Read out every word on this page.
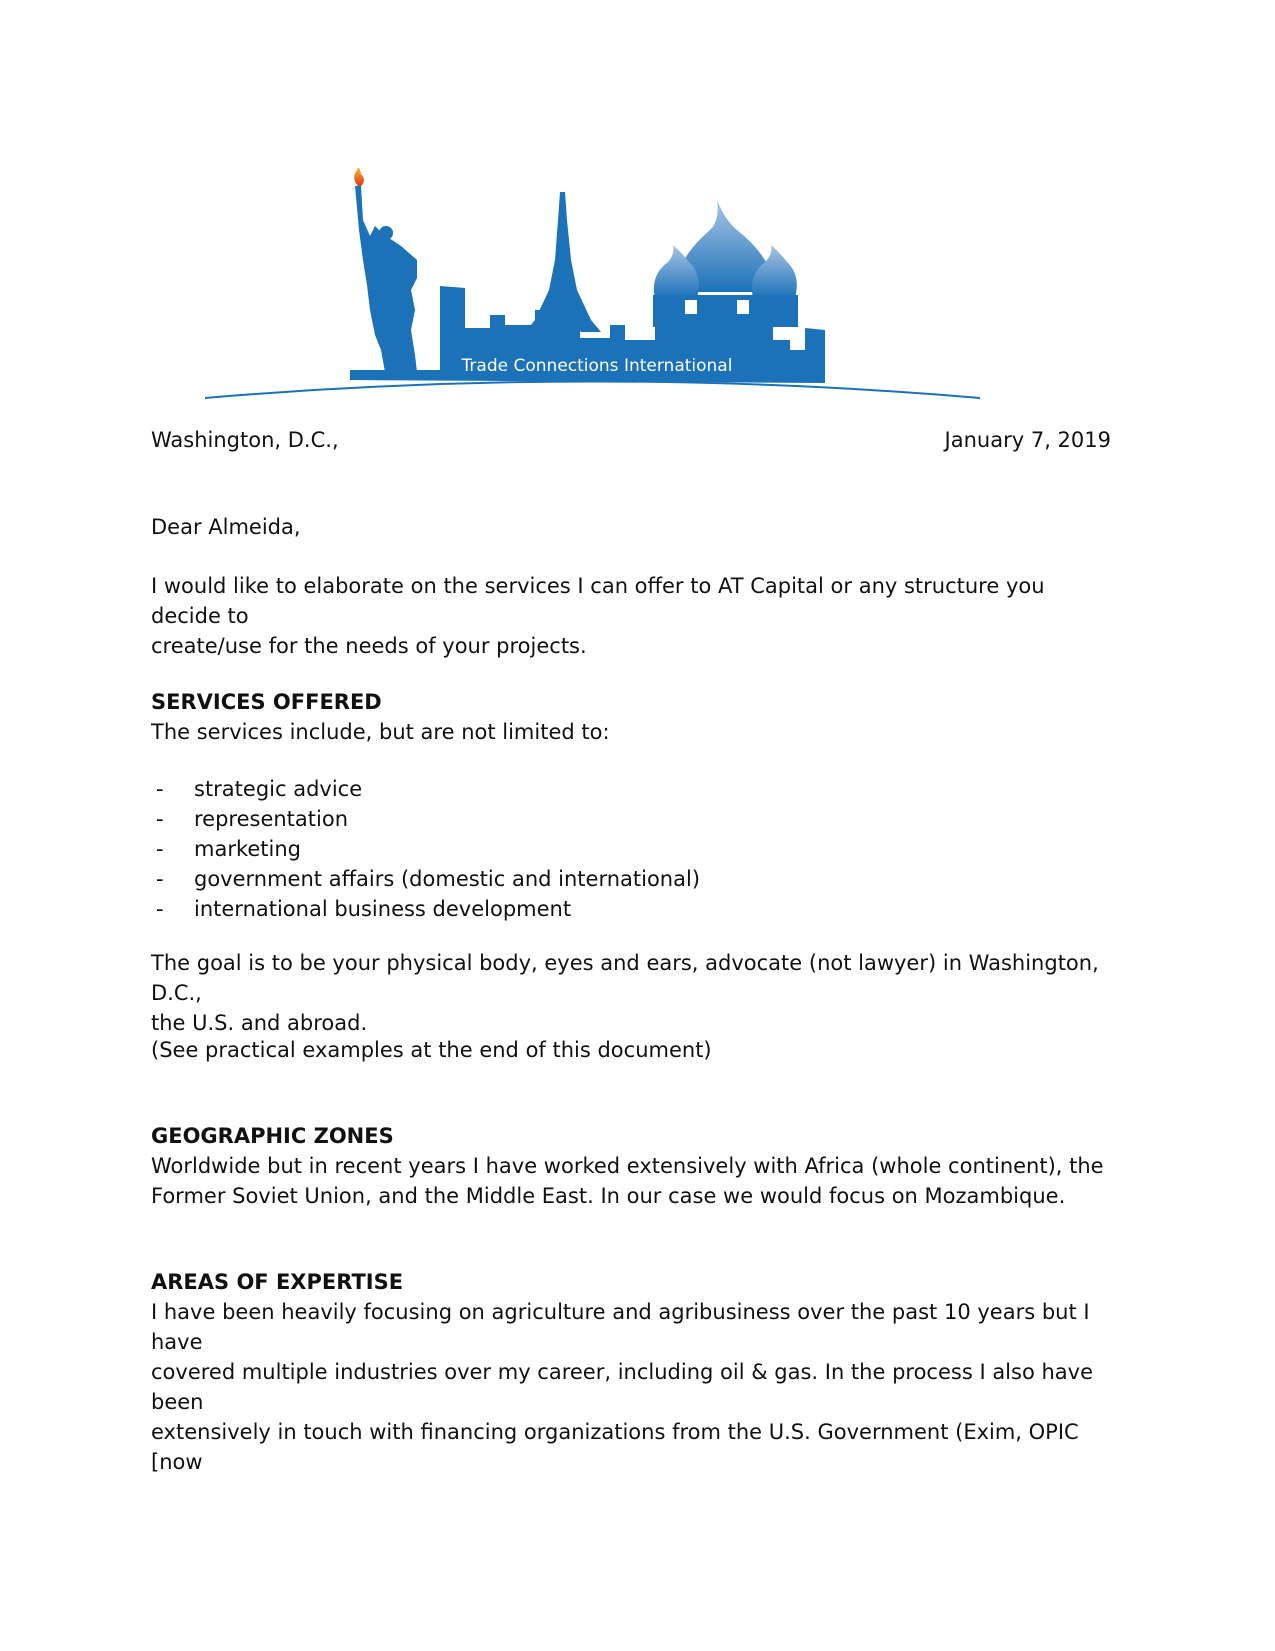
Trade Connections International
Washington, D.C.,	January 7, 2019
Dear Almeida,

I would like to elaborate on the services I can offer to AT Capital or any structure you decide to

create/use for the needs of your projects.

SERVICES OFFERED

The services include, but are not limited to:

- strategic advice
- representation
- marketing
- government affairs (domestic and international)
- international business development

The goal is to be your physical body, eyes and ears, advocate (not lawyer) in Washington, D.C.,

the U.S. and abroad.

(See practical examples at the end of this document)

GEOGRAPHIC ZONES

Worldwide but in recent years I have worked extensively with Africa (whole continent), the

Former Soviet Union, and the Middle East. In our case we would focus on Mozambique.

AREAS OF EXPERTISE

I have been heavily focusing on agriculture and agribusiness over the past 10 years but I have

covered multiple industries over my career, including oil & gas. In the process I also have been

extensively in touch with financing organizations from the U.S. Government (Exim, OPIC [now
